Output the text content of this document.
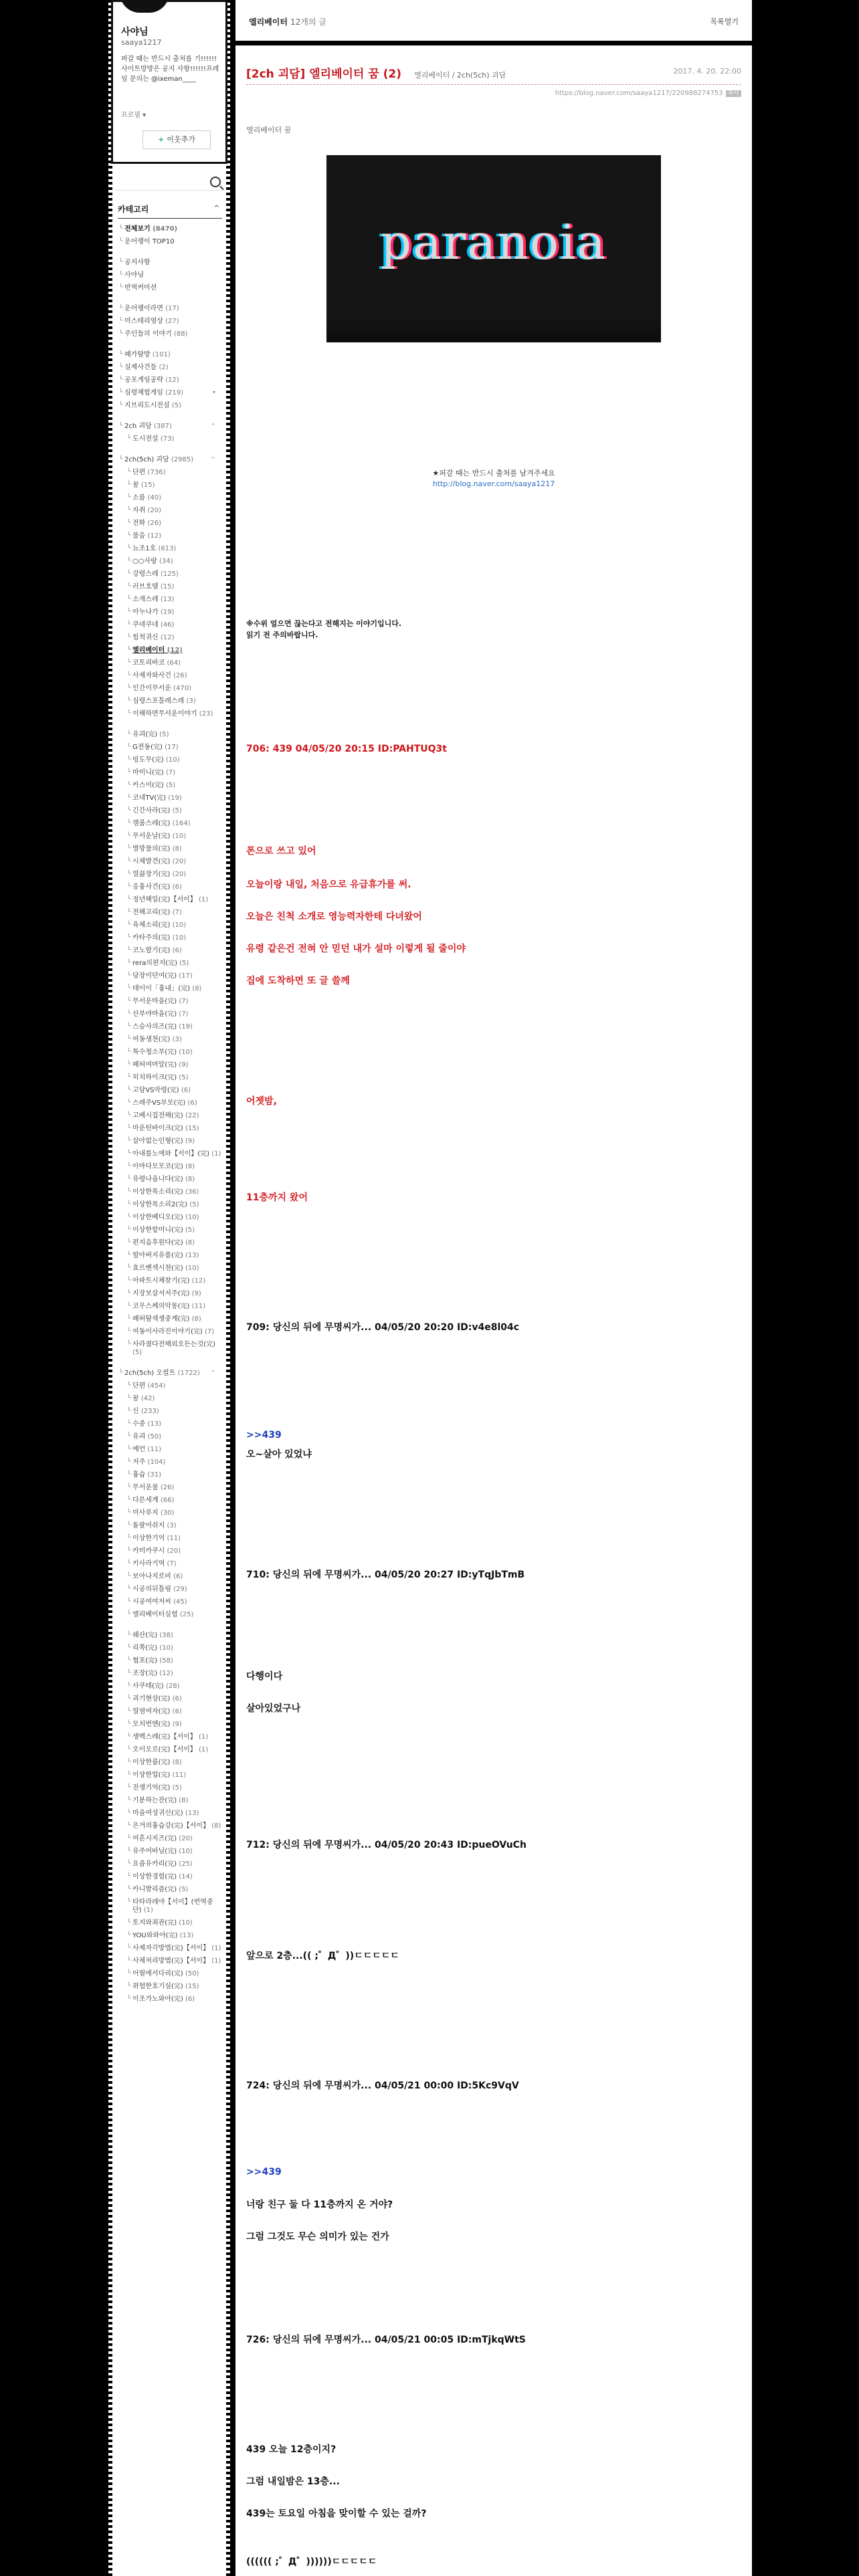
사야님
saaya1217
퍼갈 때는 반드시 출처를 기!!!!!! 사이트방방은 공지 사항!!!!!!프레임 문의는 @ixeman____
프로필 ▾
+ 이웃추가
카테고리	^
└ 전체보기 (8470)
└ 운어랭이 TOP10
└ 공지사항
└ 사야님
└ 번역커미션
└ 운어랭이라면 (17)
└ 미스테리영상 (27)
└ 주인들의 이야기 (88)
└ 폐가탐방 (101)
└ 실제사건들 (2)
└ 공포게임공략 (12)
└ 심령체험게임 (219)	▾
└ 지브리도시전설 (5)
└ 2ch 괴담 (387)	^
└ 도시전설 (73)
└ 2ch(5ch) 괴담 (2985)	^
└ 단편 (736)
└ 꿈 (15)
└ 소름 (40)
└ 자취 (20)
└ 전화 (26)
└ 물음 (12)
└ 뇨조1호 (613)
└ ○○사랑 (34)
└ 강령스레 (125)
└ 러브호텔 (15)
└ 소개스레 (13)
└ 아누나가 (19)
└ 쿠네쿠네 (46)
└ 힘척귀신 (12)
└ 엘리베이터 (12)
└ 코토리바코 (64)
└ 사제자와사건 (26)
└ 인간이무서운 (470)
└ 심령스포틀레스레 (3)
└ 이해하면무서운이야기 (23)
└ 유괴(完) (5)
└ G전동(完) (17)
└ 빙도무(完) (10)
└ 마미니(完) (7)
└ 카스이(完) (5)
└ 코네TV(完) (19)
└ 긴간사라(完) (5)
└ 캠룸스레(完) (164)
└ 무서운날(完) (10)
└ 별방물의(完) (8)
└ 시체발견(完) (20)
└ 열끓장기(完) (20)
└ 응흉사건(完) (6)
└ 정년해일(完)【서이】 (1)
└ 전해고리(完) (7)
└ 육체소리(完) (10)
└ 카타주의(完) (10)
└ 코노할기(完) (6)
└ rera의편지(完) (5)
└ 당장이던여(完) (17)
└ 테이이「흉내」(完) (8)
└ 무서운마을(完) (7)
└ 산부야마을(完) (7)
└ 스승사의즈(完) (19)
└ 여동생천(完) (3)
└ 특수청소부(完) (10)
└ 폐허여머알(完) (9)
└ 히치하이크(完) (5)
└ 고담VS악령(完) (6)
└ 스레주VS부모(完) (6)
└ 고베시집전해(完) (22)
└ 마운틴바이크(完) (15)
└ 살아없는인형(完) (9)
└ 아내를노에와【서이】(完) (1)
└ 아마다모모코(完) (8)
└ 유령나옵니다(完) (8)
└ 이상한목소리(完) (36)
└ 이상한목소리2(完) (5)
└ 이상한베디오(完) (10)
└ 이상한할머니(完) (5)
└ 편지음후원다(完) (8)
└ 할아버지유품(完) (13)
└ 효르벤섹시천(完) (10)
└ 아파트시체찾기(完) (12)
└ 지장보살셔저주(完) (9)
└ 코우스케의악몽(完) (11)
└ 폐허탐색생중계(完) (8)
└ 여동이사라진이야기(完) (7)
└ 사라졌다전해외오든는것(完) (5)
└ 2ch(5ch) 오컬트 (1722) ^
└ 단편 (454)
└ 꿈 (42)
└ 신 (233)
└ 수중 (13)
└ 유괴 (50)
└ 예언 (11)
└ 저주 (104)
└ 흉습 (31)
└ 무서운물 (26)
└ 다른세계 (66)
└ 미사루지 (30)
└ 돌팔어쉬지 (3)
└ 이상한기억 (11)
└ 카미카쿠시 (20)
└ 키사라기역 (7)
└ 보아나지로비 (6)
└ 시공의뒤틀림 (29)
└ 시공여여저씨 (45)
└ 엘리베이터실험 (25)
└ 쉐산(完) (38)
└ 리쪽(完) (10)
└ 협포(完) (58)
└ 조장(完) (12)
└ 사쿠테(完) (28)
└ 괴기현상(完) (6)
└ 열염여자(完) (6)
└ 모치번엔(完) (9)
└ 생백스레(完)【서이】 (1)
└ 오이오로(完)【서이】 (1)
└ 이상한룸(完) (8)
└ 이상한업(完) (11)
└ 전생기억(完) (5)
└ 기분하는잔(完) (8)
└ 마을여성귀신(完) (13)
└ 은거의흉습강(完)【서이】 (8)
└ 여흔시지즈(完) (20)
└ 유주어바닐(完) (10)
└ 요즘유카리(完) (25)
└ 이상한경험(完) (14)
└ 카니발리즘(完) (5)
└ 타타라레야【서이】(번역중단) (1)
└ 토지와죄관(完) (10)
└ YOU와와아(完) (13)
└ 사제자각방법(完)【서이】 (1)
└ 사체처리방법(完)【서이】 (1)
└ 어릴에서다리(完) (50)
└ 위험한호기심(完) (15)
└ 이조가노와아(完) (6)
엘리베이터 12개의 글	목록열기
[2ch 괴담] 엘리베이터 꿈 (2) 엘리베이터 / 2ch(5ch) 괴담	2017. 4. 20. 22:00
https://blog.naver.com/saaya1217/220988274753 복사
엘리베이터 꿈
paranoia
★퍼갈 때는 반드시 출처를 남겨주세요
http://blog.naver.com/saaya1217
※수위 얼으면 끊는다고 전해지는 이야기입니다.
읽기 전 주의바랍니다.
706: 439 04/05/20 20:15 ID:PAHTUQ3t
폰으로 쓰고 있어
오늘이랑 내일, 처음으로 유급휴가를 써.
오늘은 친척 소개로 영능력자한테 다녀왔어
유령 같은건 전혀 안 믿던 내가 설마 이렇게 될 줄이야
집에 도착하면 또 글 쓸께
어젯밤,
11층까지 왔어
709: 당신의 뒤에 무명씨가... 04/05/20 20:20 ID:v4e8l04c
>>439
오~살아 있었냐
710: 당신의 뒤에 무명씨가... 04/05/20 20:27 ID:yTqJbTmB
다행이다
살아있었구나
712: 당신의 뒤에 무명씨가... 04/05/20 20:43 ID:pueOVuCh
앞으로 2층...(( ;゜Д゜))ㄷㄷㄷㄷㄷ
724: 당신의 뒤에 무명씨가... 04/05/21 00:00 ID:5Kc9VqV
>>439
너랑 친구 둘 다 11층까지 온 거야?
그럼 그것도 무슨 의미가 있는 건가
726: 당신의 뒤에 무명씨가... 04/05/21 00:05 ID:mTjkqWtS
439 오늘 12층이지?
그럼 내일밤은 13층...
439는 토요일 아침을 맞이할 수 있는 걸까?
(((((( ;゜Д゜))))))ㄷㄷㄷㄷㄷ
